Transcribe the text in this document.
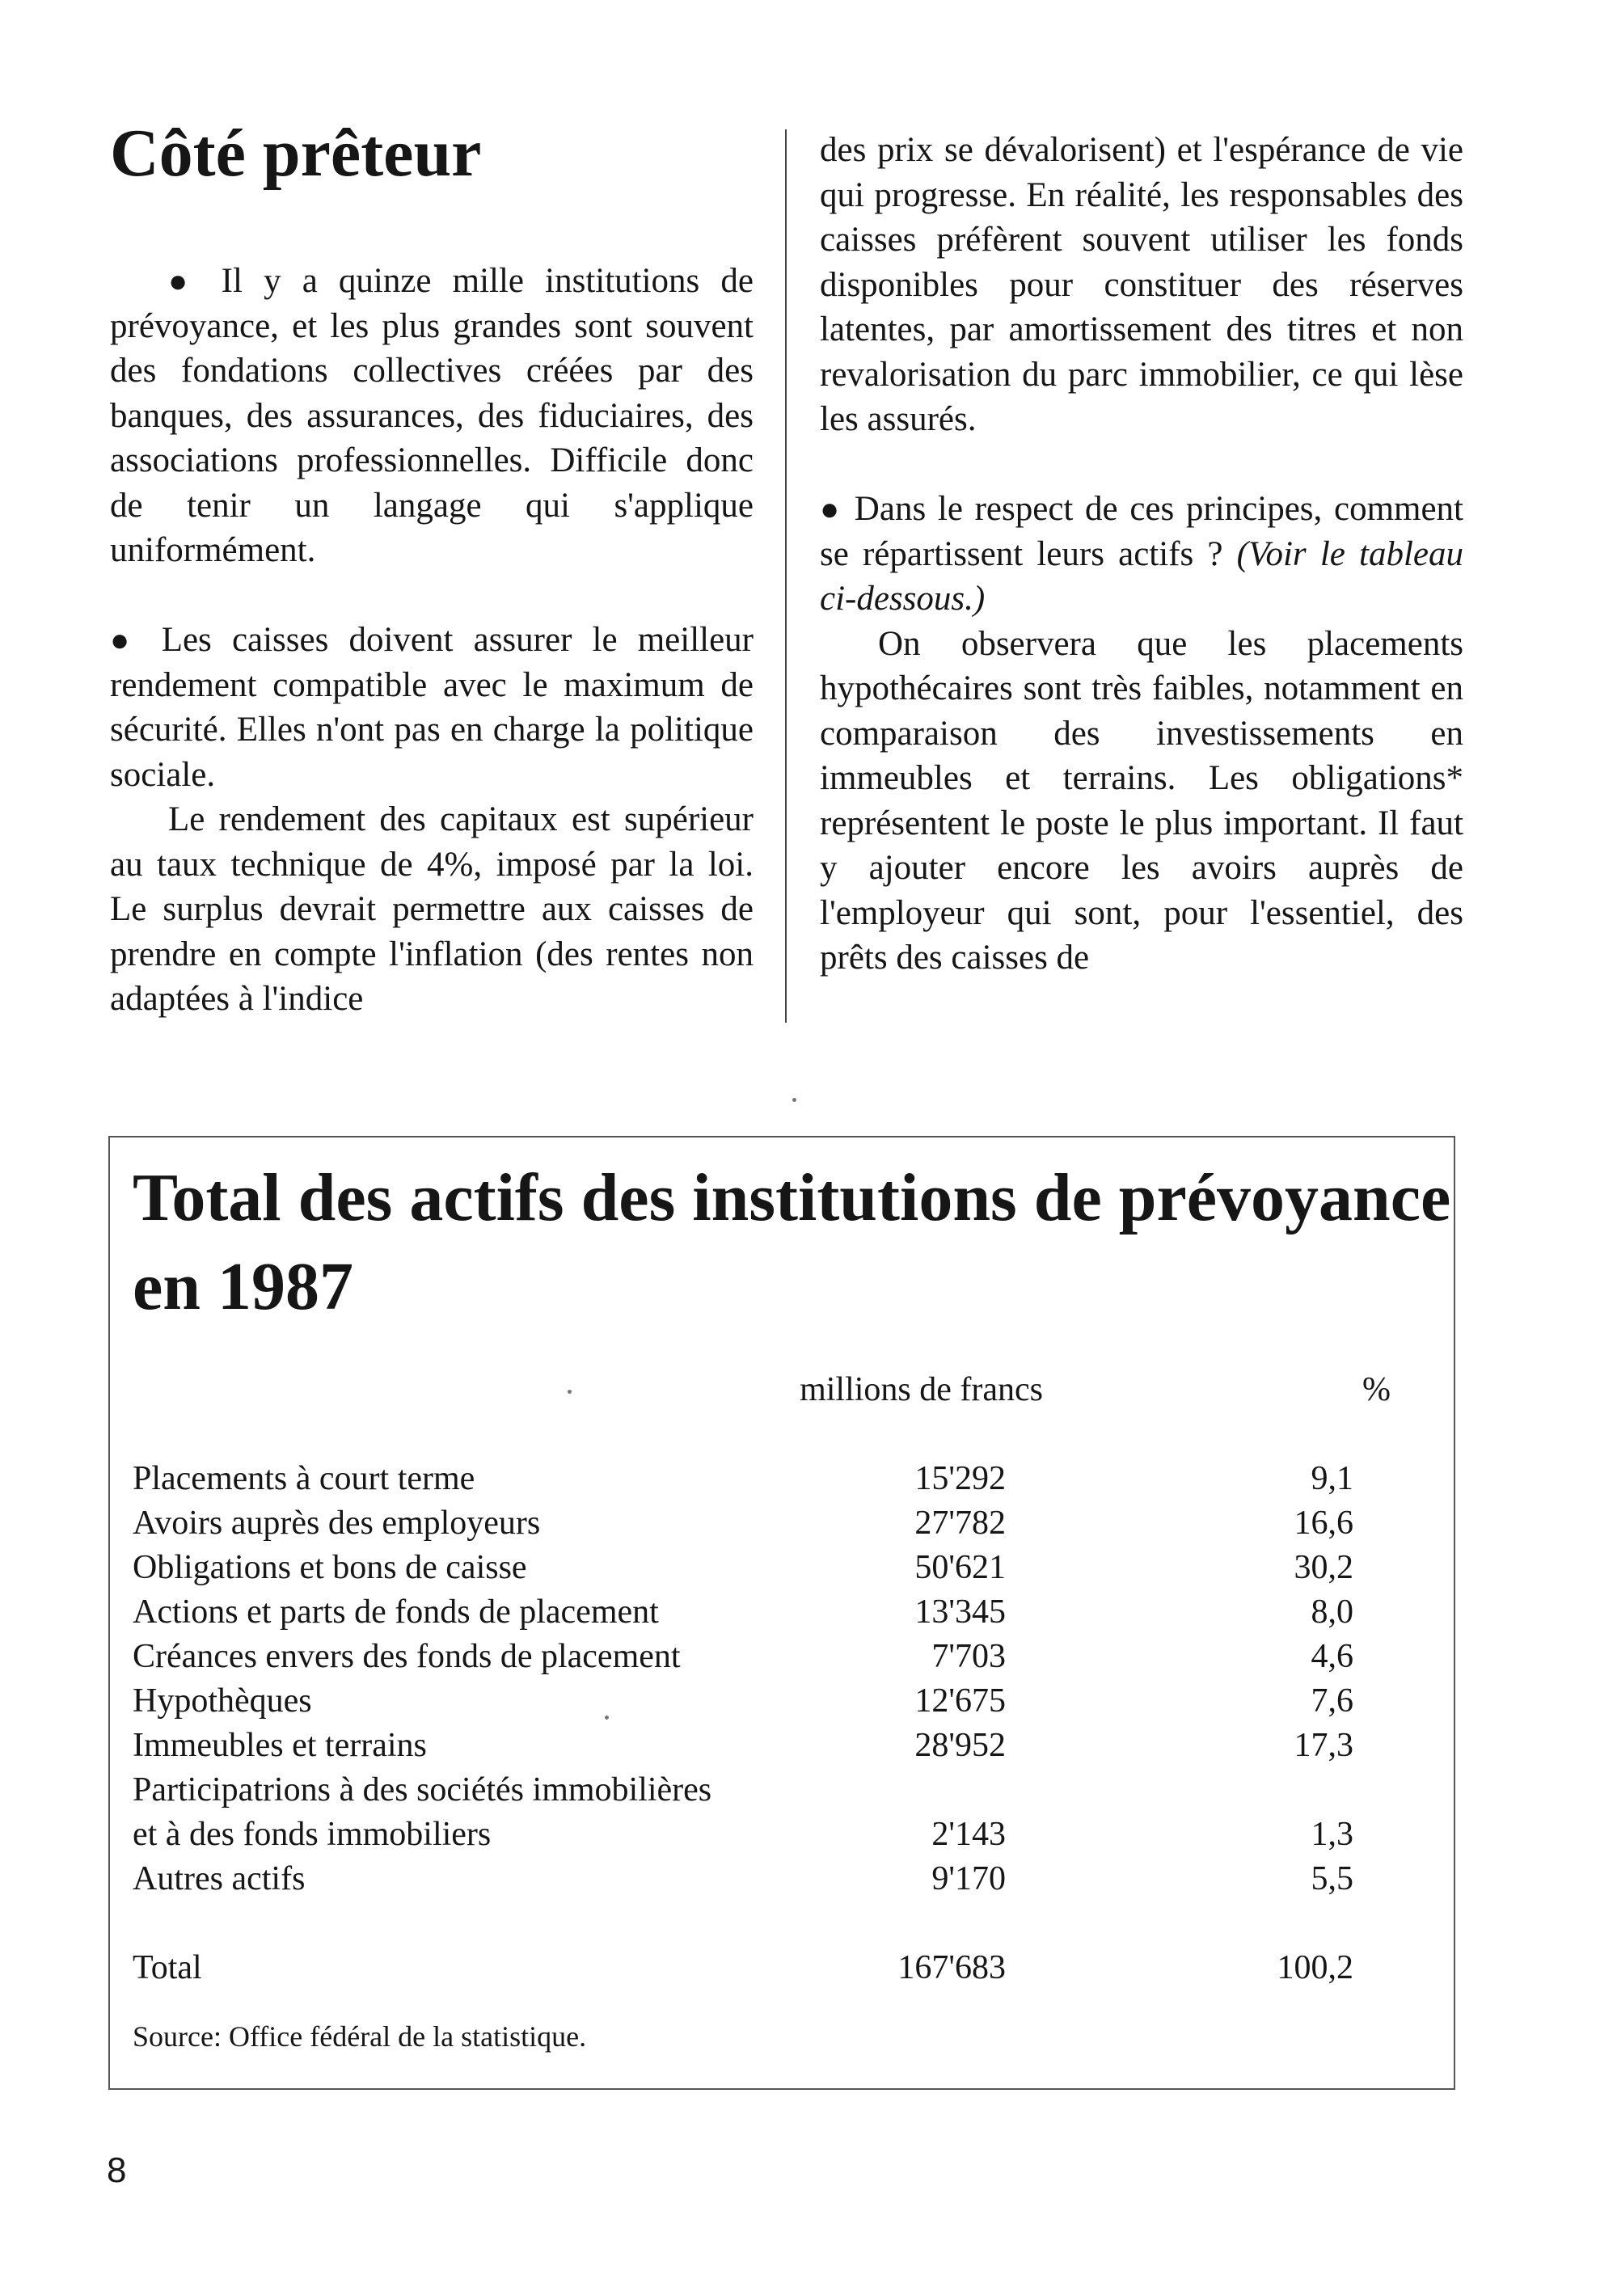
Côté prêteur

● Il y a quinze mille institutions de prévoyance, et les plus grandes sont souvent des fondations collectives créées par des banques, des assurances, des fiduciaires, des associations professionnelles. Difficile donc de tenir un langage qui s'applique uniformément.

● Les caisses doivent assurer le meilleur rendement compatible avec le maximum de sécurité. Elles n'ont pas en charge la politique sociale.

Le rendement des capitaux est supérieur au taux technique de 4%, imposé par la loi. Le surplus devrait permettre aux caisses de prendre en compte l'inflation (des rentes non adaptées à l'indice

des prix se dévalorisent) et l'espérance de vie qui progresse. En réalité, les responsables des caisses préfèrent souvent utiliser les fonds disponibles pour constituer des réserves latentes, par amortissement des titres et non revalorisation du parc immobilier, ce qui lèse les assurés.

● Dans le respect de ces principes, comment se répartissent leurs actifs ? (Voir le tableau ci-dessous.)

On observera que les placements hypothécaires sont très faibles, notamment en comparaison des investissements en immeubles et terrains. Les obligations* représentent le poste le plus important. Il faut y ajouter encore les avoirs auprès de l'employeur qui sont, pour l'essentiel, des prêts des caisses de

Total des actifs des institutions de prévoyance en 1987
millions de francs	%
Placements à court terme	15'292	9,1
Avoirs auprès des employeurs	27'782	16,6
Obligations et bons de caisse	50'621	30,2
Actions et parts de fonds de placement	13'345	8,0
Créances envers des fonds de placement	7'703	4,6
Hypothèques	12'675	7,6
Immeubles et terrains	28'952	17,3
Participatrions à des sociétés immobilières
et à des fonds immobiliers	2'143	1,3
Autres actifs	9'170	5,5
Total	167'683	100,2
Source: Office fédéral de la statistique.
8
